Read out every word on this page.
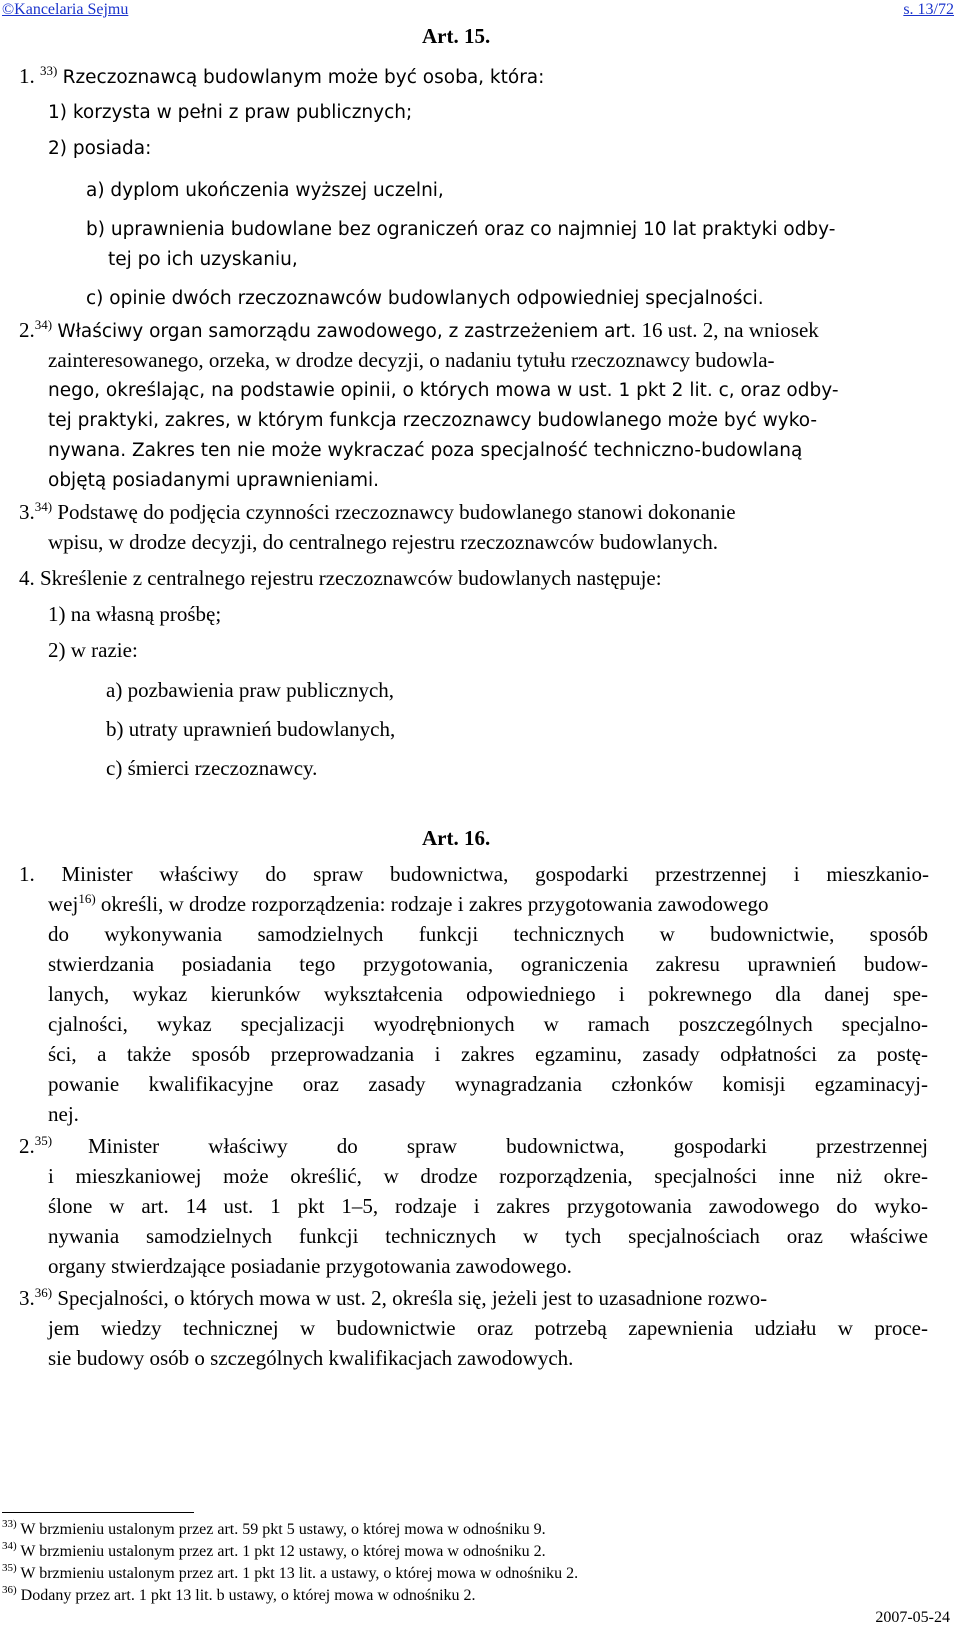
©Kancelaria Sejmu	s. 13/72
Art. 15.
1. $^{33)}$ Rzeczoznawcą budowlanym może być osoba, która:
1) korzysta w pełni z praw publicznych;
2) posiada:
a) dyplom ukończenia wyższej uczelni,
b) uprawnienia budowlane bez ograniczeń oraz co najmniej 10 lat praktyki odby-
tej po ich uzyskaniu,
c) opinie dwóch rzeczoznawców budowlanych odpowiedniej specjalności.
2.$^{34)}$ Właściwy organ samorządu zawodowego, z zastrzeżeniem art. 16 ust. 2, na wniosek
zainteresowanego, orzeka, w drodze decyzji, o nadaniu tytułu rzeczoznawcy budowla-
nego, określając, na podstawie opinii, o których mowa w ust. 1 pkt 2 lit. c, oraz odby-
tej praktyki, zakres, w którym funkcja rzeczoznawcy budowlanego może być wyko-
nywana. Zakres ten nie może wykraczać poza specjalność techniczno-budowlaną
objętą posiadanymi uprawnieniami.
3.$^{34)}$ Podstawę do podjęcia czynności rzeczoznawcy budowlanego stanowi dokonanie
wpisu, w drodze decyzji, do centralnego rejestru rzeczoznawców budowlanych.
4. Skreślenie z centralnego rejestru rzeczoznawców budowlanych następuje:
1) na własną prośbę;
2) w razie:
a) pozbawienia praw publicznych,
b) utraty uprawnień budowlanych,
c) śmierci rzeczoznawcy.
Art. 16.
1. Minister właściwy do spraw budownictwa, gospodarki przestrzennej i mieszkanio-
wej$^{16)}$ określi, w drodze rozporządzenia: rodzaje i zakres przygotowania zawodowego
do wykonywania samodzielnych funkcji technicznych w budownictwie, sposób
stwierdzania posiadania tego przygotowania, ograniczenia zakresu uprawnień budow-
lanych, wykaz kierunków wykształcenia odpowiedniego i pokrewnego dla danej spe-
cjalności, wykaz specjalizacji wyodrębnionych w ramach poszczególnych specjalno-
ści, a także sposób przeprowadzania i zakres egzaminu, zasady odpłatności za postę-
powanie kwalifikacyjne oraz zasady wynagradzania członków komisji egzaminacyj-
nej.
2.$^{35)}$ Minister właściwy do spraw budownictwa, gospodarki przestrzennej
i mieszkaniowej może określić, w drodze rozporządzenia, specjalności inne niż okre-
ślone w art. 14 ust. 1 pkt 1–5, rodzaje i zakres przygotowania zawodowego do wyko-
nywania samodzielnych funkcji technicznych w tych specjalnościach oraz właściwe
organy stwierdzające posiadanie przygotowania zawodowego.
3.$^{36)}$ Specjalności, o których mowa w ust. 2, określa się, jeżeli jest to uzasadnione rozwo-
jem wiedzy technicznej w budownictwie oraz potrzebą zapewnienia udziału w proce-
sie budowy osób o szczególnych kwalifikacjach zawodowych.
$^{33)}$ W brzmieniu ustalonym przez art. 59 pkt 5 ustawy, o której mowa w odnośniku 9.
$^{34)}$ W brzmieniu ustalonym przez art. 1 pkt 12 ustawy, o której mowa w odnośniku 2.
$^{35)}$ W brzmieniu ustalonym przez art. 1 pkt 13 lit. a ustawy, o której mowa w odnośniku 2.
$^{36)}$ Dodany przez art. 1 pkt 13 lit. b ustawy, o której mowa w odnośniku 2.
2007-05-24
